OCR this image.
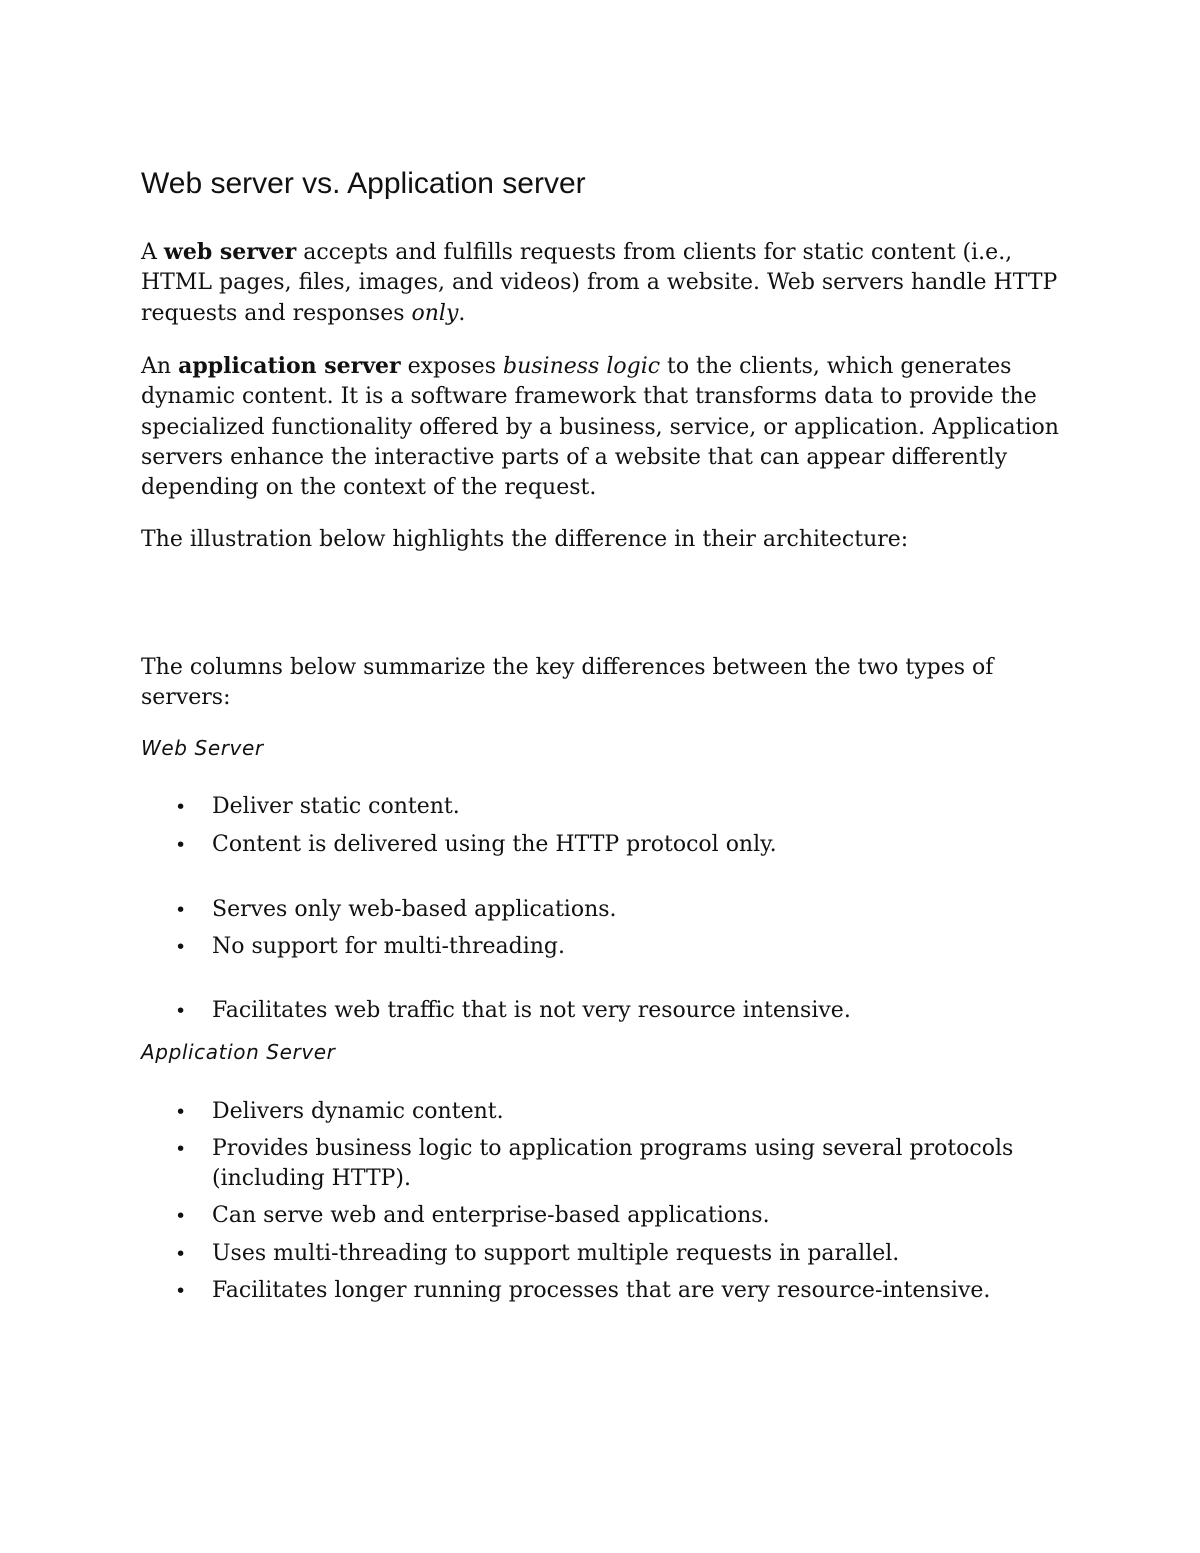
Web server vs. Application server

A web server accepts and fulfills requests from clients for static content (i.e., HTML pages, files, images, and videos) from a website. Web servers handle HTTP requests and responses only.

An application server exposes business logic to the clients, which generates dynamic content. It is a software framework that transforms data to provide the specialized functionality offered by a business, service, or application. Application servers enhance the interactive parts of a website that can appear differently depending on the context of the request.

The illustration below highlights the difference in their architecture:

The columns below summarize the key differences between the two types of servers:

Web Server
• Deliver static content.

• Content is delivered using the HTTP protocol only.

• Serves only web-based applications.

• No support for multi-threading.

• Facilitates web traffic that is not very resource intensive.

Application Server
• Delivers dynamic content.

• Provides business logic to application programs using several protocols (including HTTP).

• Can serve web and enterprise-based applications.

• Uses multi-threading to support multiple requests in parallel.

• Facilitates longer running processes that are very resource-intensive.
